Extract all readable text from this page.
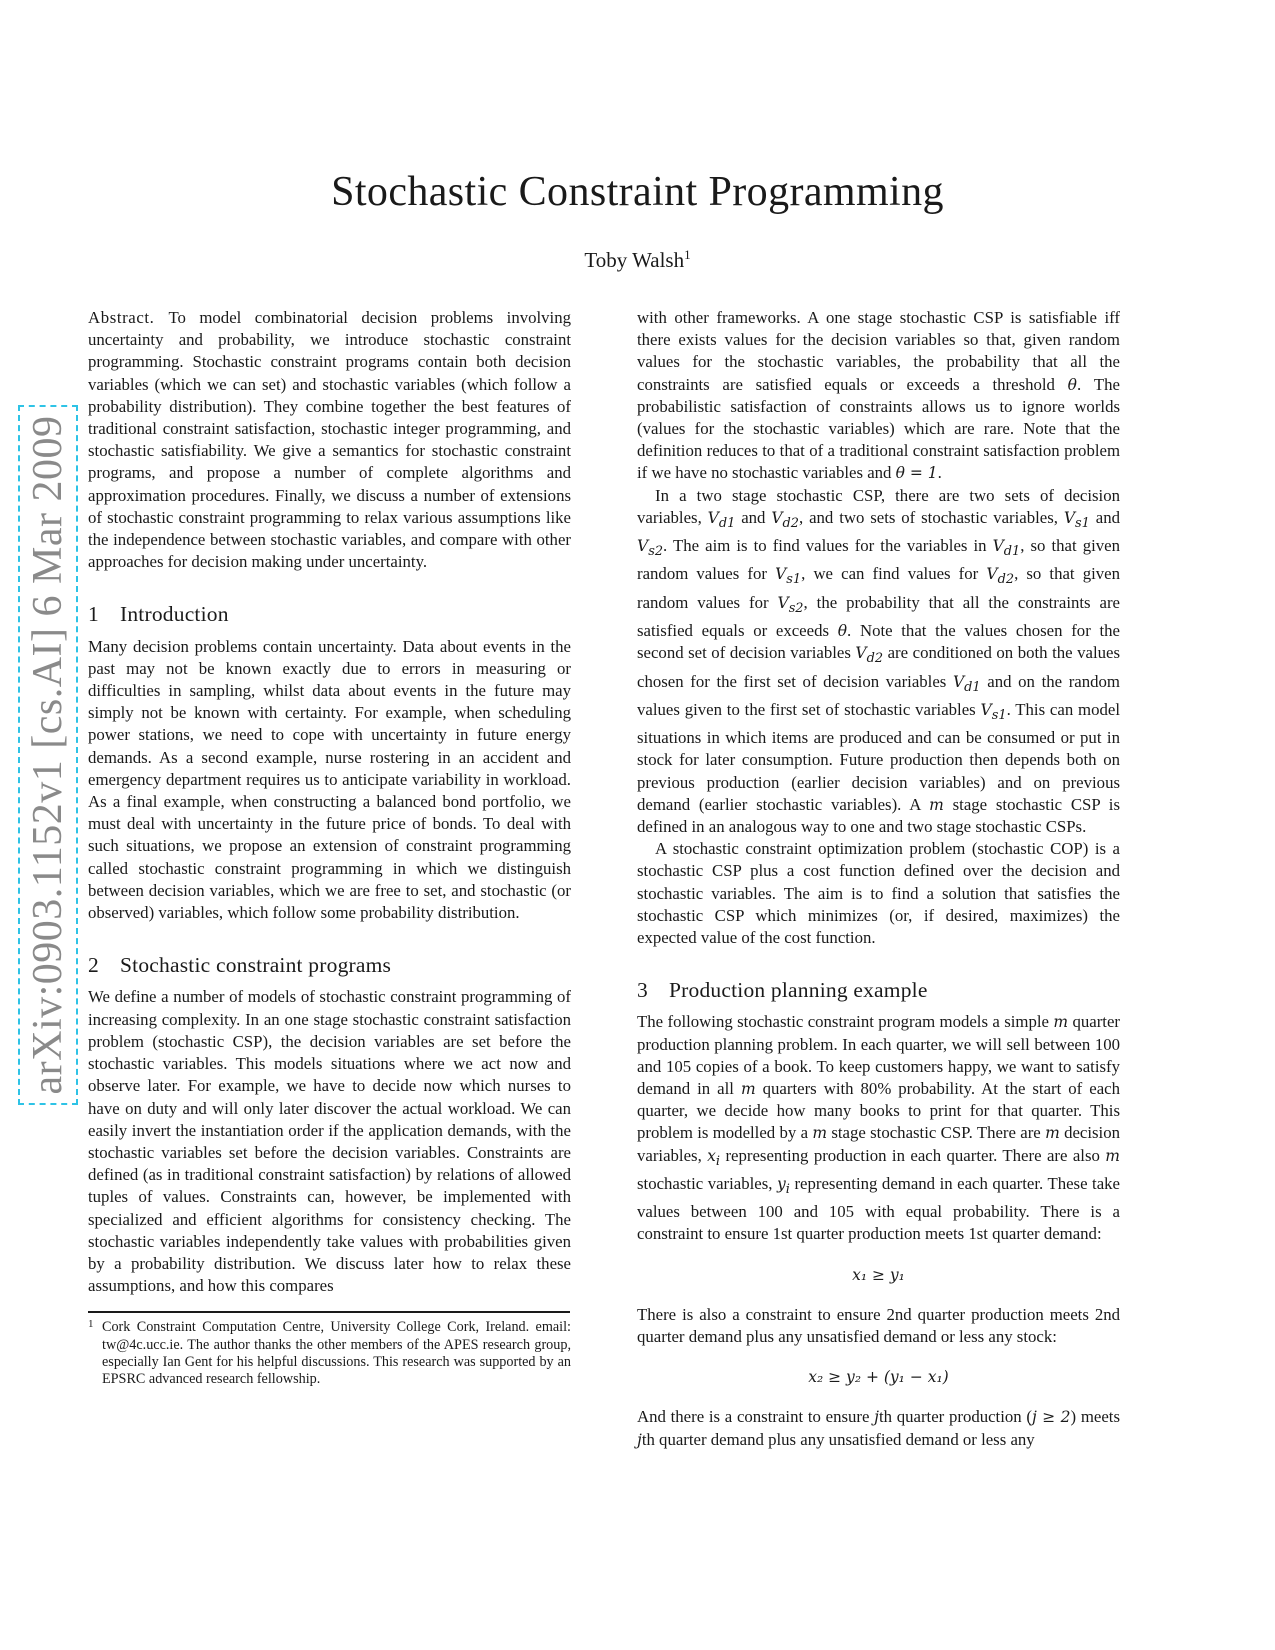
Stochastic Constraint Programming
Toby Walsh$^1$
arXiv:0903.1152v1 [cs.AI] 6 Mar 2009

Abstract. To model combinatorial decision problems involving uncertainty and probability, we introduce stochastic constraint programming. Stochastic constraint programs contain both decision variables (which we can set) and stochastic variables (which follow a probability distribution). They combine together the best features of traditional constraint satisfaction, stochastic integer programming, and stochastic satisfiability. We give a semantics for stochastic constraint programs, and propose a number of complete algorithms and approximation procedures. Finally, we discuss a number of extensions of stochastic constraint programming to relax various assumptions like the independence between stochastic variables, and compare with other approaches for decision making under uncertainty.

1 Introduction

Many decision problems contain uncertainty. Data about events in the past may not be known exactly due to errors in measuring or difficulties in sampling, whilst data about events in the future may simply not be known with certainty. For example, when scheduling power stations, we need to cope with uncertainty in future energy demands. As a second example, nurse rostering in an accident and emergency department requires us to anticipate variability in workload. As a final example, when constructing a balanced bond portfolio, we must deal with uncertainty in the future price of bonds. To deal with such situations, we propose an extension of constraint programming called stochastic constraint programming in which we distinguish between decision variables, which we are free to set, and stochastic (or observed) variables, which follow some probability distribution.

2 Stochastic constraint programs

We define a number of models of stochastic constraint programming of increasing complexity. In an one stage stochastic constraint satisfaction problem (stochastic CSP), the decision variables are set before the stochastic variables. This models situations where we act now and observe later. For example, we have to decide now which nurses to have on duty and will only later discover the actual workload. We can easily invert the instantiation order if the application demands, with the stochastic variables set before the decision variables. Constraints are defined (as in traditional constraint satisfaction) by relations of allowed tuples of values. Constraints can, however, be implemented with specialized and efficient algorithms for consistency checking. The stochastic variables independently take values with probabilities given by a probability distribution. We discuss later how to relax these assumptions, and how this compares

1 Cork Constraint Computation Centre, University College Cork, Ireland. email: tw@4c.ucc.ie. The author thanks the other members of the APES research group, especially Ian Gent for his helpful discussions. This research was supported by an EPSRC advanced research fellowship.

with other frameworks. A one stage stochastic CSP is satisfiable iff there exists values for the decision variables so that, given random values for the stochastic variables, the probability that all the constraints are satisfied equals or exceeds a threshold θ. The probabilistic satisfaction of constraints allows us to ignore worlds (values for the stochastic variables) which are rare. Note that the definition reduces to that of a traditional constraint satisfaction problem if we have no stochastic variables and θ = 1.

In a two stage stochastic CSP, there are two sets of decision variables, $V_{d1}$ and $V_{d2}$, and two sets of stochastic variables, $V_{s1}$ and $V_{s2}$. The aim is to find values for the variables in $V_{d1}$, so that given random values for $V_{s1}$, we can find values for $V_{d2}$, so that given random values for $V_{s2}$, the probability that all the constraints are satisfied equals or exceeds θ. Note that the values chosen for the second set of decision variables $V_{d2}$ are conditioned on both the values chosen for the first set of decision variables $V_{d1}$ and on the random values given to the first set of stochastic variables $V_{s1}$. This can model situations in which items are produced and can be consumed or put in stock for later consumption. Future production then depends both on previous production (earlier decision variables) and on previous demand (earlier stochastic variables). A m stage stochastic CSP is defined in an analogous way to one and two stage stochastic CSPs.

A stochastic constraint optimization problem (stochastic COP) is a stochastic CSP plus a cost function defined over the decision and stochastic variables. The aim is to find a solution that satisfies the stochastic CSP which minimizes (or, if desired, maximizes) the expected value of the cost function.

3 Production planning example

The following stochastic constraint program models a simple m quarter production planning problem. In each quarter, we will sell between 100 and 105 copies of a book. To keep customers happy, we want to satisfy demand in all m quarters with 80% probability. At the start of each quarter, we decide how many books to print for that quarter. This problem is modelled by a m stage stochastic CSP. There are m decision variables, $x_i$ representing production in each quarter. There are also m stochastic variables, $y_i$ representing demand in each quarter. These take values between 100 and 105 with equal probability. There is a constraint to ensure 1st quarter production meets 1st quarter demand:

x₁ ≥ y₁

There is also a constraint to ensure 2nd quarter production meets 2nd quarter demand plus any unsatisfied demand or less any stock:

x₂ ≥ y₂ + (y₁ − x₁)

And there is a constraint to ensure jth quarter production (j ≥ 2) meets jth quarter demand plus any unsatisfied demand or less any
